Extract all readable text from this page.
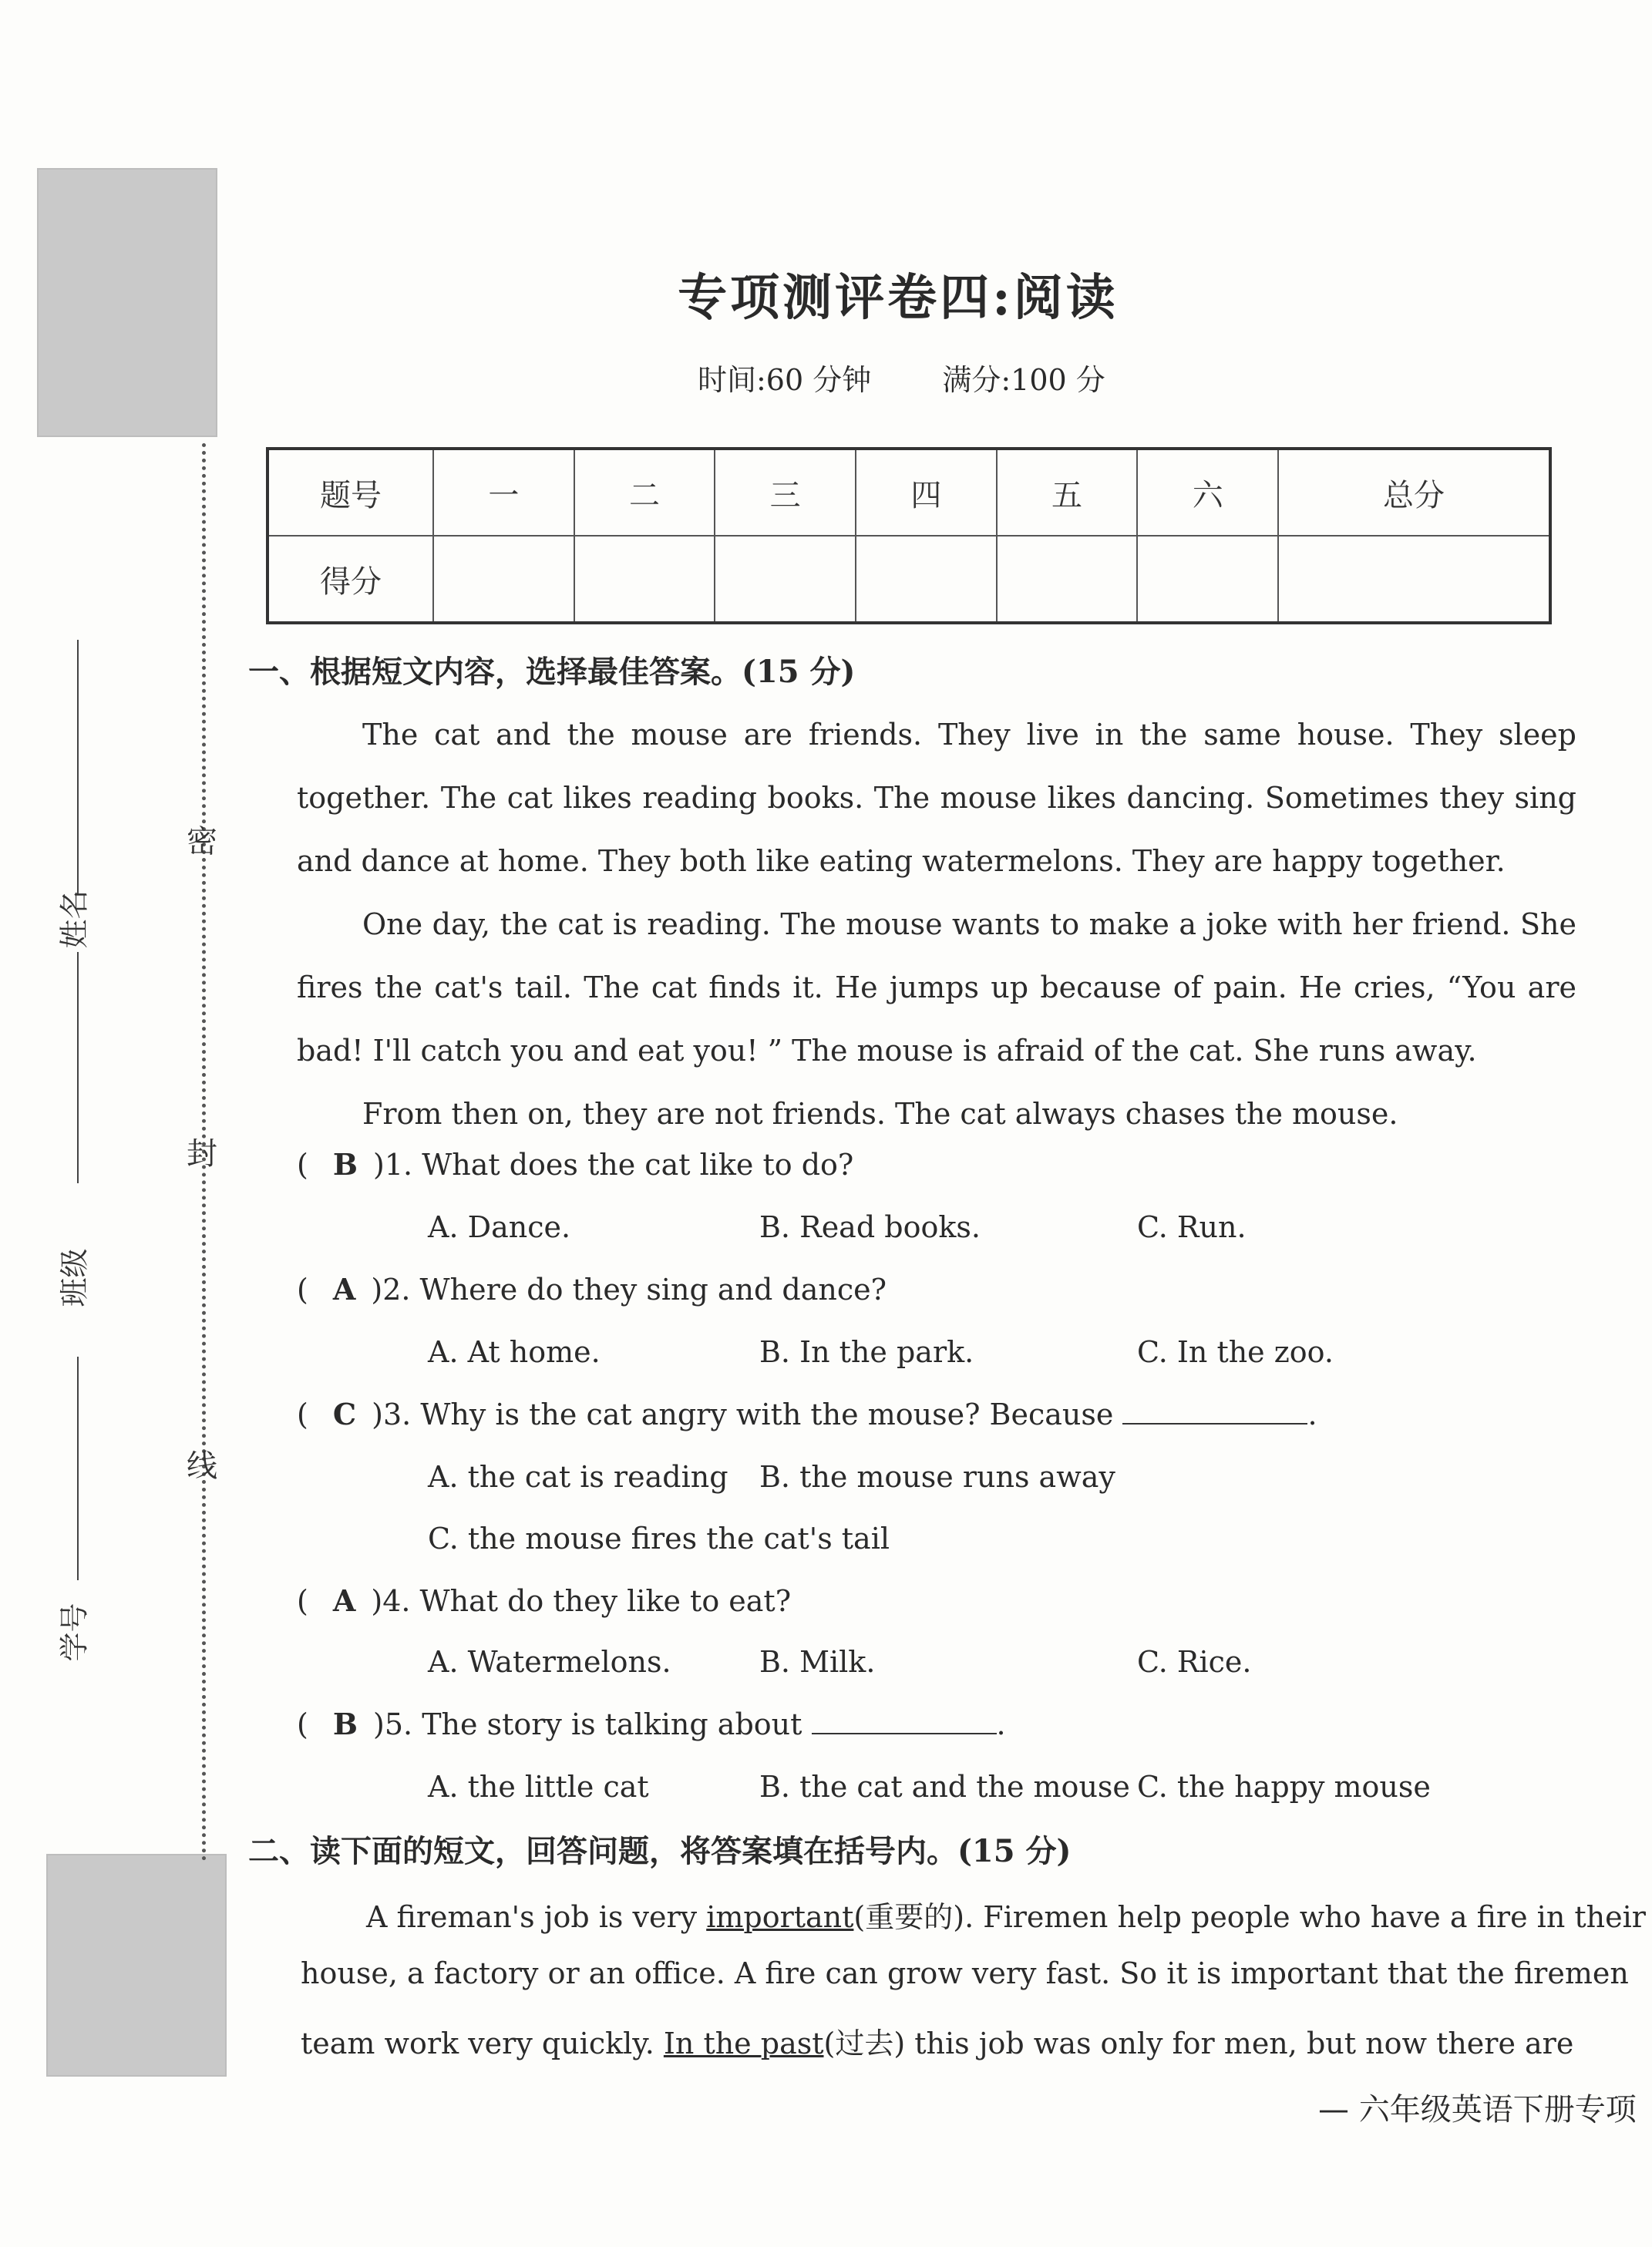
密
封
线
姓名
班级
学号
专项测评卷四:阅读
时间:60 分钟 满分:100 分
题号	一	二	三	四	五	六	总分
得分							
一、根据短文内容，选择最佳答案。(15 分)
The cat and the mouse are friends. They live in the same house. They sleep together. The cat likes reading books. The mouse likes dancing. Sometimes they sing and dance at home. They both like eating watermelons. They are happy together.
One day, the cat is reading. The mouse wants to make a joke with her friend. She fires the cat's tail. The cat finds it. He jumps up because of pain. He cries, “You are bad! I'll catch you and eat you! ” The mouse is afraid of the cat. She runs away.
From then on, they are not friends. The cat always chases the mouse.
( B )1. What does the cat like to do?
A. Dance.	B. Read books.	C. Run.
( A )2. Where do they sing and dance?
A. At home.	B. In the park.	C. In the zoo.
( C )3. Why is the cat angry with the mouse? Because	.
A. the cat is reading B. the mouse runs away
C. the mouse fires the cat's tail
( A )4. What do they like to eat?
A. Watermelons.	B. Milk.	C. Rice.
( B )5. The story is talking about	.
A. the little cat	B. the cat and the mouse C. the happy mouse
二、读下面的短文，回答问题，将答案填在括号内。(15 分)
A fireman's job is very important(重要的). Firemen help people who have a fire in their
house, a factory or an office. A fire can grow very fast. So it is important that the firemen
team work very quickly. In the past(过去) this job was only for men, but now there are
— 六年级英语下册专项
